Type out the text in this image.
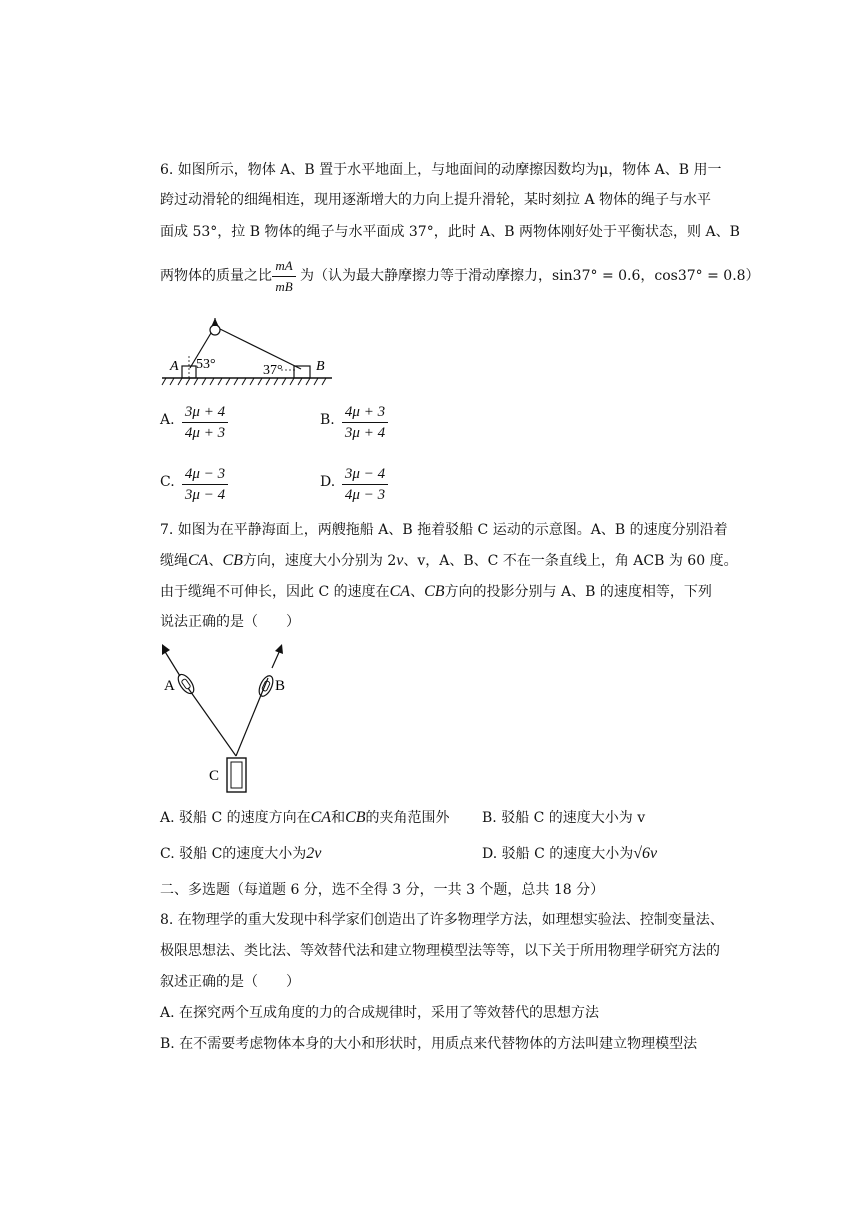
6. 如图所示，物体 A、B 置于水平地面上，与地面间的动摩擦因数均为μ，物体 A、B 用一
跨过动滑轮的细绳相连，现用逐渐增大的力向上提升滑轮，某时刻拉 A 物体的绳子与水平
面成 53°，拉 B 物体的绳子与水平面成 37°，此时 A、B 两物体刚好处于平衡状态，则 A、B
两物体的质量之比 $\frac{mA}{mB}$ 为（认为最大静摩擦力等于滑动摩擦力，sin37° = 0.6，cos37° = 0.8）
A 53°	37° B
A. $\frac{3\mu + 4}{4\mu + 3}$	B. $\frac{4\mu + 3}{3\mu + 4}$
C. $\frac{4\mu - 3}{3\mu - 4}$	D. $\frac{3\mu - 4}{4\mu - 3}$
7. 如图为在平静海面上，两艘拖船 A、B 拖着驳船 C 运动的示意图。A、B 的速度分别沿着
缆绳CA、CB方向，速度大小分别为 2v、v，A、B、C 不在一条直线上，角 ACB 为 60 度。
由于缆绳不可伸长，因此 C 的速度在CA、CB方向的投影分别与 A、B 的速度相等，下列
说法正确的是（　　）
A	B
C
A. 驳船 C 的速度方向在CA和CB的夹角范围外 B. 驳船 C 的速度大小为 v
C. 驳船 C的速度大小为2v	D. 驳船 C 的速度大小为√6v
二、多选题（每道题 6 分，选不全得 3 分，一共 3 个题，总共 18 分）
8. 在物理学的重大发现中科学家们创造出了许多物理学方法，如理想实验法、控制变量法、
极限思想法、类比法、等效替代法和建立物理模型法等等，以下关于所用物理学研究方法的
叙述正确的是（　　）
A. 在探究两个互成角度的力的合成规律时，采用了等效替代的思想方法
B. 在不需要考虑物体本身的大小和形状时，用质点来代替物体的方法叫建立物理模型法
